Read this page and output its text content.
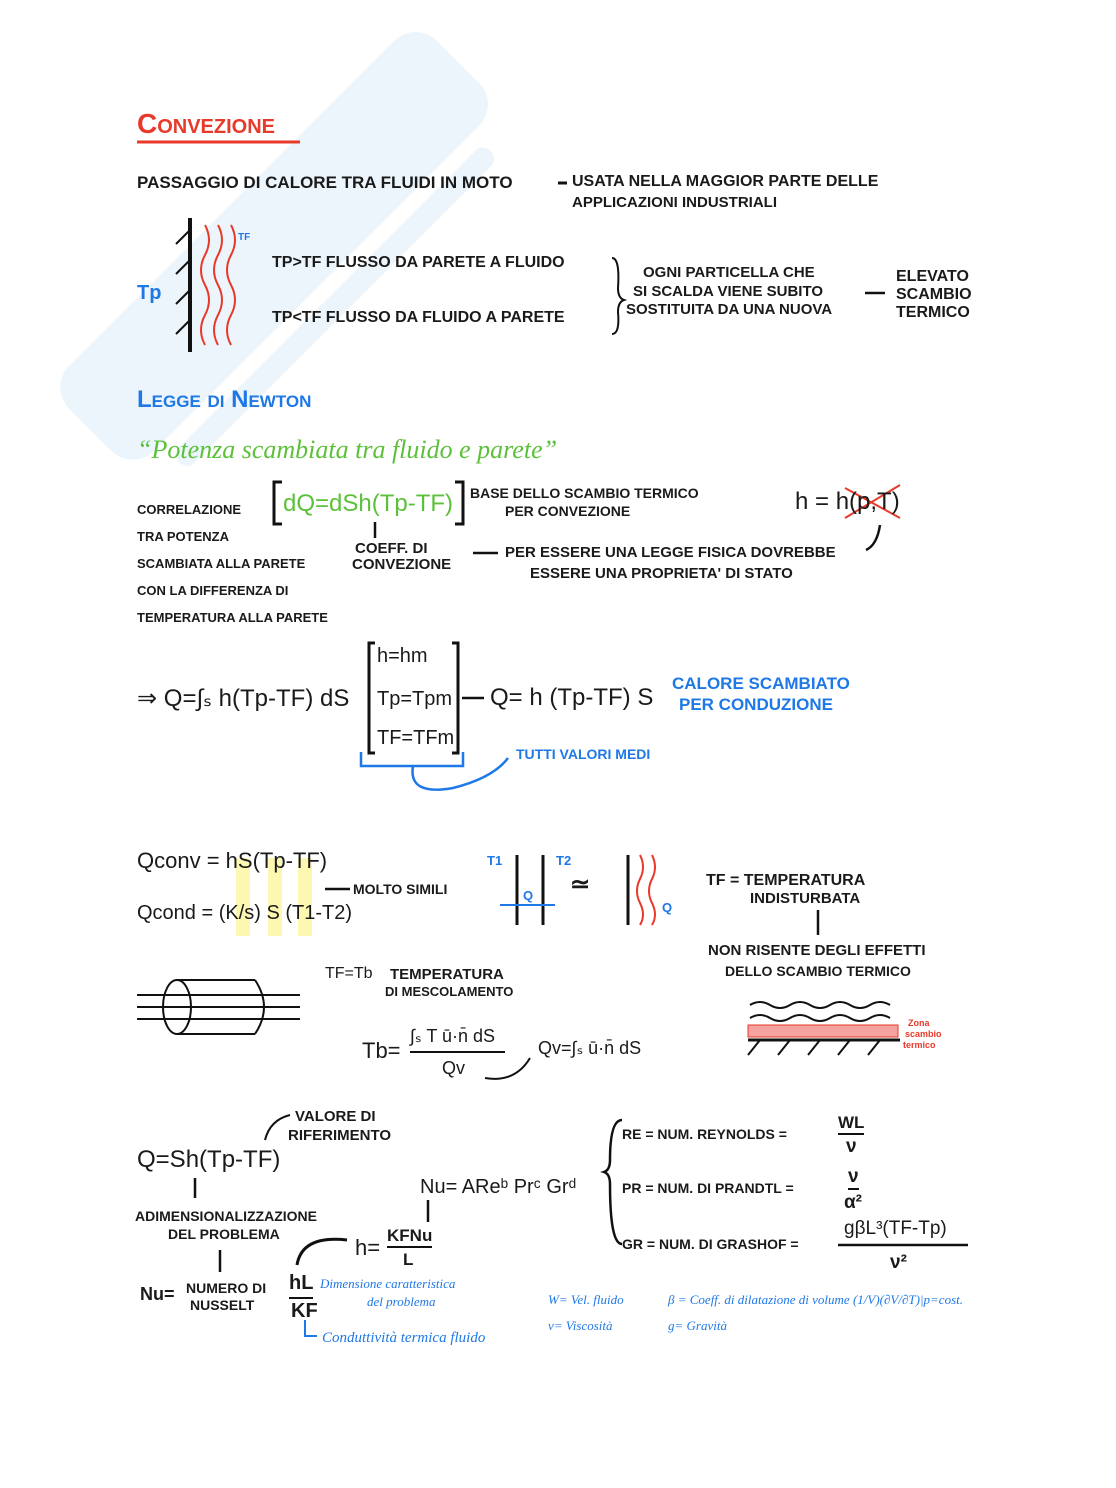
Convezione
PASSAGGIO DI CALORE TRA FLUIDI IN MOTO	USATA NELLA MAGGIOR PARTE DELLE
APPLICAZIONI INDUSTRIALI
Tp
TF
TP>TF FLUSSO DA PARETE A FLUIDO
TP<TF FLUSSO DA FLUIDO A PARETE
OGNI PARTICELLA CHE
SI SCALDA VIENE SUBITO
SOSTITUITA DA UNA NUOVA
ELEVATO
SCAMBIO
TERMICO
Legge di Newton
“Potenza scambiata tra fluido e parete”
dQ=dSh(Tp-TF) BASE DELLO SCAMBIO TERMICO
PER CONVEZIONE	h = h(p,T)
CORRELAZIONE
TRA POTENZA
SCAMBIATA ALLA PARETE
CON LA DIFFERENZA DI
TEMPERATURA ALLA PARETE
COEFF. DI
CONVEZIONE
PER ESSERE UNA LEGGE FISICA DOVREBBE
ESSERE UNA PROPRIETA' DI STATO
⇒ Q=∫ₛ h(Tp-TF) dS
h=hm
Tp=Tpm
TF=TFm
Q= h (Tp-TF) S
CALORE SCAMBIATO
PER CONDUZIONE
TUTTI VALORI MEDI
Qconv = hS(Tp-TF)
Qcond = (K/s) S (T1-T2)
MOLTO SIMILI
T1	T2
Q ≃
Q
TF = TEMPERATURA
INDISTURBATA
NON RISENTE DEGLI EFFETTI
DELLO SCAMBIO TERMICO
Zona
scambio
termico
TF=Tb TEMPERATURA
DI MESCOLAMENTO
Tb=
∫ₛ T ū·n̄ dS
Qv
Qv=∫ₛ ū·n̄ dS
Q=Sh(Tp-TF)
VALORE DI
RIFERIMENTO
ADIMENSIONALIZZAZIONE
DEL PROBLEMA
Nu= NUMERO DI
NUSSELT
hL
KF
Dimensione caratteristica
del problema
Conduttività termica fluido
h= KFNu
L
Nu= AReᵇ Prᶜ Grᵈ
RE = NUM. REYNOLDS =
WL
ν
PR = NUM. DI PRANDTL =
ν
α²
GR = NUM. DI GRASHOF =
gβL³(TF-Tp)
ν²
W= Vel. fluido
ν= Viscosità
β = Coeff. di dilatazione di volume (1/V)(∂V/∂T)|p=cost.
g= Gravità
